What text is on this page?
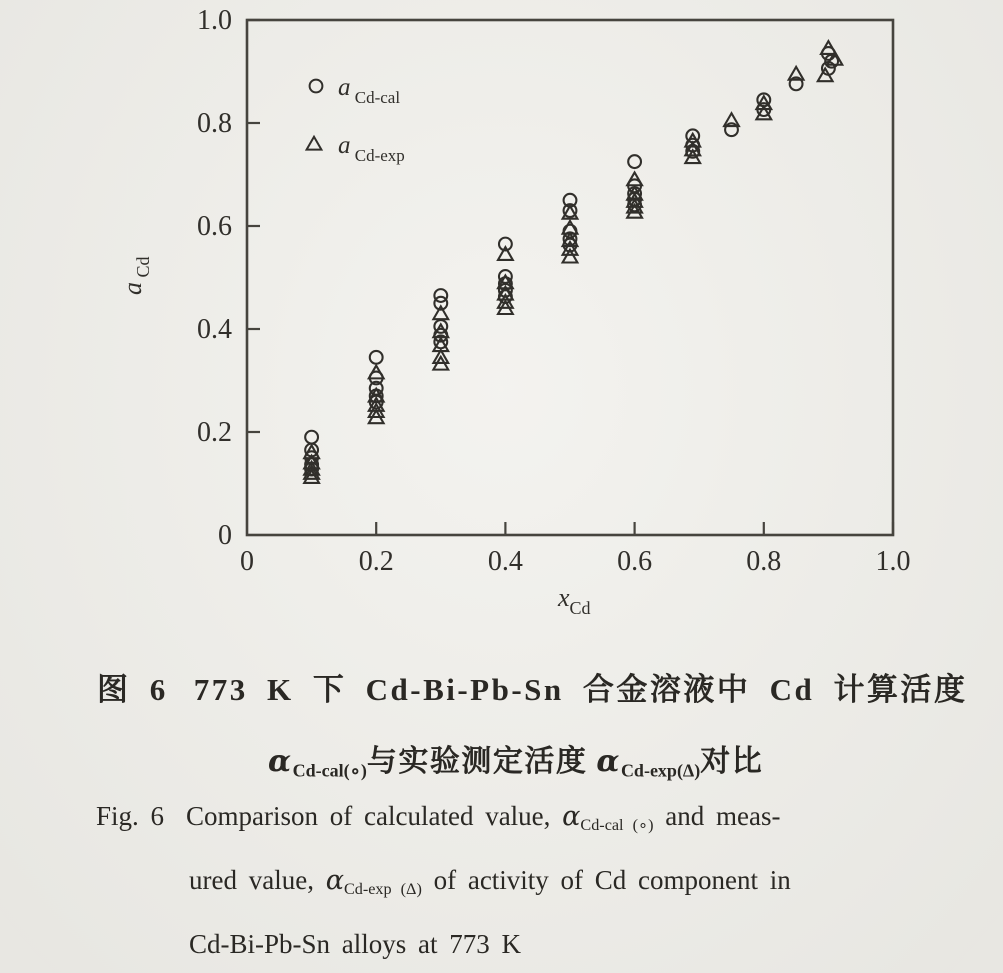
0	0.2	0.4	0.6	0.8	1.0
0
0.2
0.4
0.6
0.8
1.0
a $_{Cd}$
$x_{Cd}$
a $_{Cd-cal}$
a $_{Cd-exp}$
图 6 773 K 下 Cd-Bi-Pb-Sn 合金溶液中 Cd 计算活度
αCd-cal(∘)与实验测定活度 αCd-exp(Δ)对比
Fig. 6 Comparison of calculated value, αCd-cal (∘) and meas-
ured value, αCd-exp (Δ) of activity of Cd component in
Cd-Bi-Pb-Sn alloys at 773 K
